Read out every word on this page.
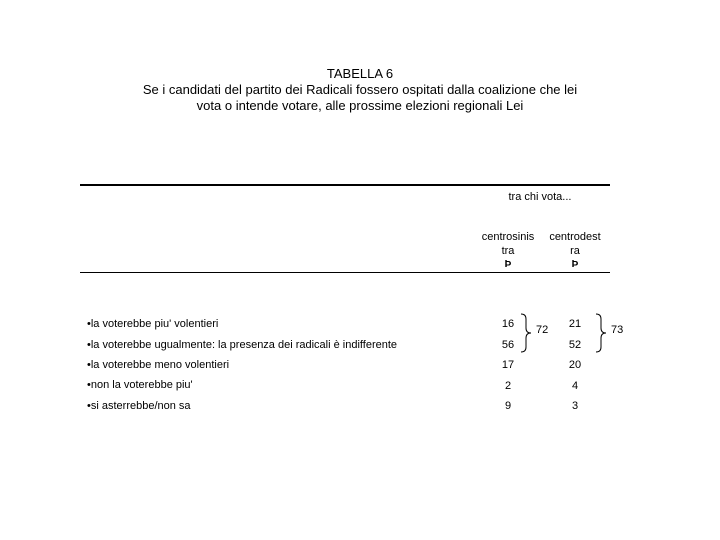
TABELLA 6
Se i candidati del partito dei Radicali fossero ospitati dalla coalizione che lei
vota o intende votare, alle prossime elezioni regionali Lei
tra chi vota...
centrosinis
tra
Þ
centrodest
ra
Þ
•la voterebbe piu' volentieri
•la voterebbe ugualmente: la presenza dei radicali è indifferente
•la voterebbe meno volentieri
•non la voterebbe piu'
•si asterrebbe/non sa
16
56
17
2
9
21
52
20
4
3
72	73
